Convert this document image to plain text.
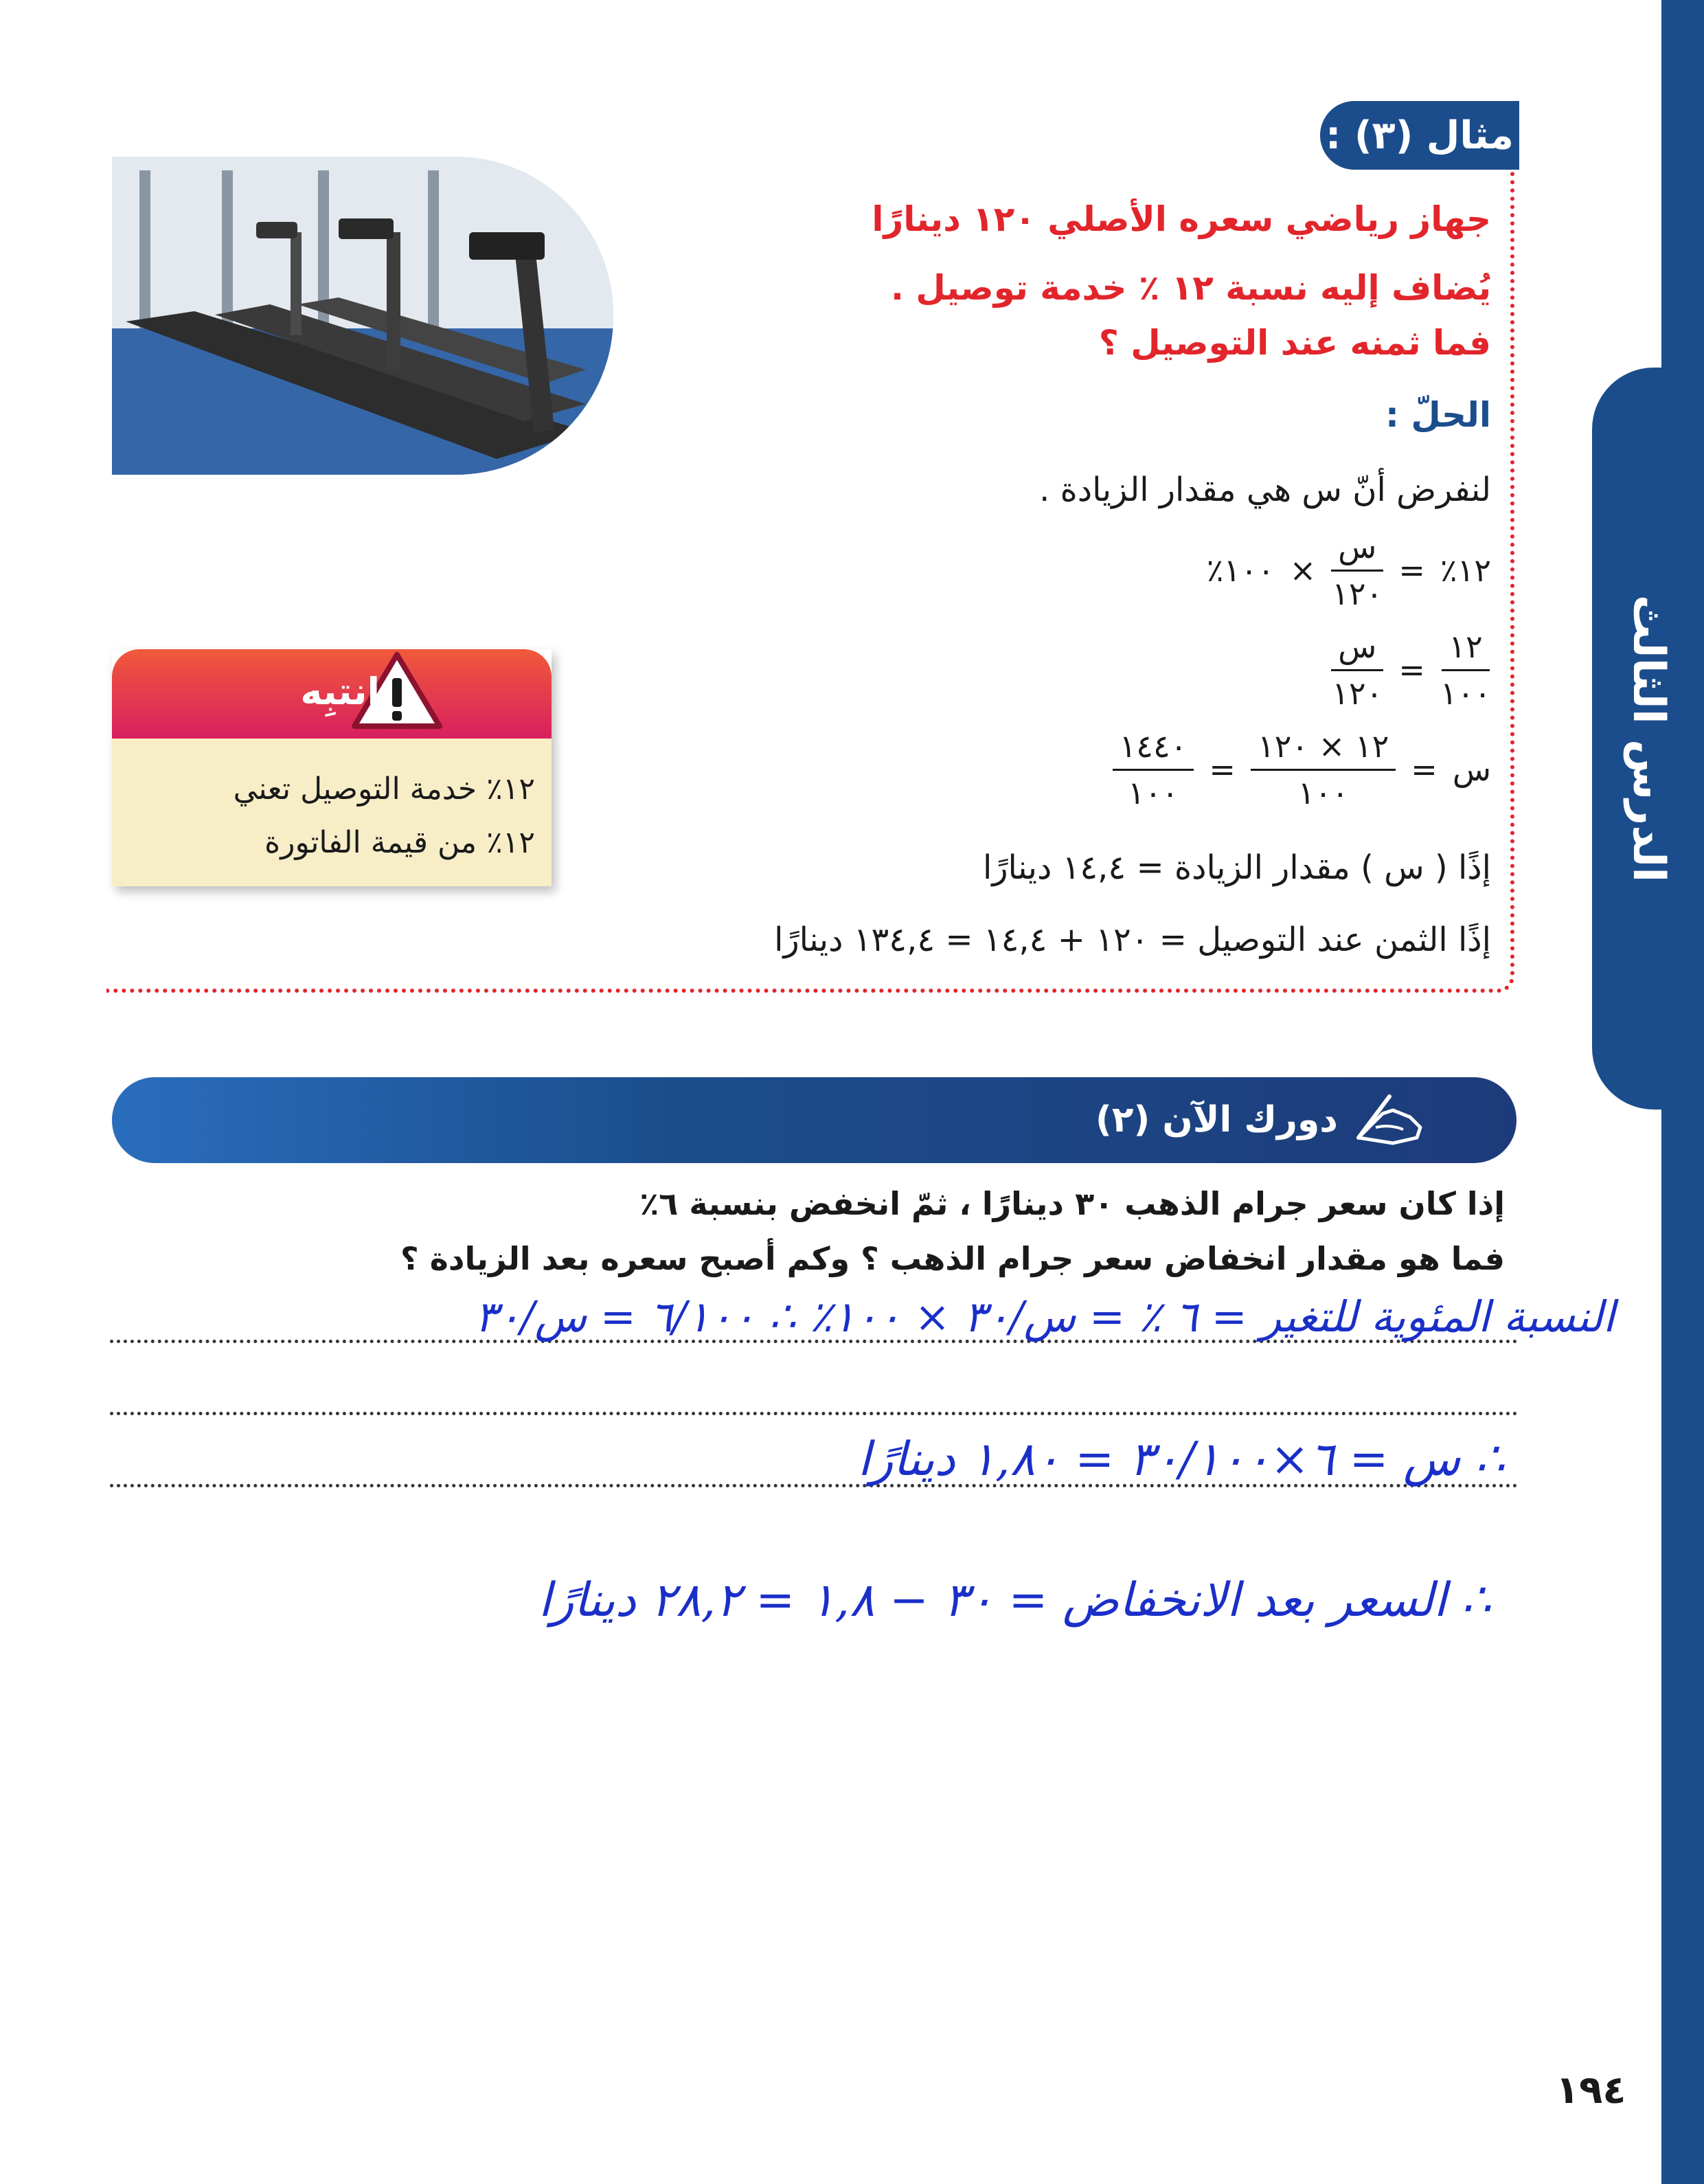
الدرس الثالث
مثال (٣) :
جهاز رياضي سعره الأصلي ١٢٠ دينارًا
يُضاف إليه نسبة ١٢ ٪ خدمة توصيل .
فما ثمنه عند التوصيل ؟
الحلّ :
لنفرض أنّ س هي مقدار الزيادة .
١٢٪
=
$\frac{\text{س}}{١٢٠}$
×
١٠٠٪
$\frac{١٢}{١٠٠}$
=
$\frac{\text{س}}{١٢٠}$
س
=
$\frac{١٢ \times ١٢٠}{١٠٠}$
=
$\frac{١٤٤٠}{١٠٠}$
إذًا ( س ) مقدار الزيادة = ١٤,٤ دينارًا
إذًا الثمن عند التوصيل = ١٢٠ + ١٤,٤ = ١٣٤,٤ دينارًا
اِنتبِه
١٢٪ خدمة التوصيل تعني
١٢٪ من قيمة الفاتورة
دورك الآن (٢)
إذا كان سعر جرام الذهب ٣٠ دينارًا ، ثمّ انخفض بنسبة ٦٪
فما هو مقدار انخفاض سعر جرام الذهب ؟ وكم أصبح سعره بعد الزيادة ؟
النسبة المئوية للتغير = ٦ ٪ = س/٣٠ × ١٠٠٪ ∴ ٦/١٠٠ = س/٣٠
∴ س = ٦×٣٠/١٠٠ = ١,٨٠ دينارًا
∴ السعر بعد الانخفاض = ٣٠ − ١,٨ = ٢٨,٢ دينارًا
١٩٤
